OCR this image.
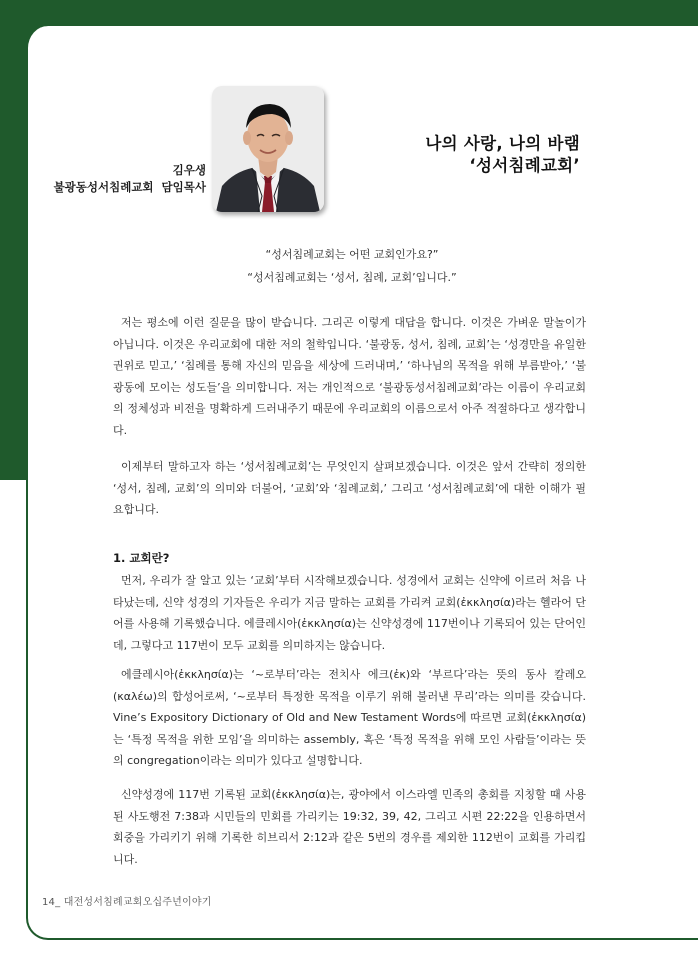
김우생
불광동성서침례교회  담임목사
나의 사랑, 나의 바램
‘성서침례교회’
“성서침례교회는 어떤 교회인가요?”
“성서침례교회는 ‘성서, 침례, 교회’입니다.”
저는 평소에 이런 질문을 많이 받습니다. 그리곤 이렇게 대답을 합니다. 이것은 가벼운 말놀이가 아닙니다. 이것은 우리교회에 대한 저의 철학입니다. ‘불광동, 성서, 침례, 교회’는 ‘성경만을 유일한 권위로 믿고,’ ‘침례를 통해 자신의 믿음을 세상에 드러내며,’ ‘하나님의 목적을 위해 부름받아,’ ‘불광동에 모이는 성도들’을 의미합니다. 저는 개인적으로 ‘불광동성서침례교회’라는 이름이 우리교회의 정체성과 비전을 명확하게 드러내주기 때문에 우리교회의 이름으로서 아주 적절하다고 생각합니다.
이제부터 말하고자 하는 ‘성서침례교회’는 무엇인지 살펴보겠습니다. 이것은 앞서 간략히 정의한 ‘성서, 침례, 교회’의 의미와 더불어, ‘교회’와 ‘침례교회,’ 그리고 ‘성서침례교회’에 대한 이해가 필요합니다.
1. 교회란?
먼저, 우리가 잘 알고 있는 ‘교회’부터 시작해보겠습니다. 성경에서 교회는 신약에 이르러 처음 나타났는데, 신약 성경의 기자들은 우리가 지금 말하는 교회를 가리켜 교회(ἐκκλησία)라는 헬라어 단어를 사용해 기록했습니다. 에클레시아(ἐκκλησία)는 신약성경에 117번이나 기록되어 있는 단어인데, 그렇다고 117번이 모두 교회를 의미하지는 않습니다.
에클레시아(ἐκκλησία)는 ‘~로부터’라는 전치사 에크(ἐκ)와 ‘부르다’라는 뜻의 동사 칼레오(καλέω)의 합성어로써, ‘~로부터 특정한 목적을 이루기 위해 불러낸 무리’라는 의미를 갖습니다. Vine’s Expository Dictionary of Old and New Testament Words에 따르면 교회(ἐκκλησία)는 ‘특정 목적을 위한 모임’을 의미하는 assembly, 혹은 ‘특정 목적을 위해 모인 사람들’이라는 뜻의 congregation이라는 의미가 있다고 설명합니다.
신약성경에 117번 기록된 교회(ἐκκλησία)는, 광야에서 이스라엘 민족의 총회를 지칭할 때 사용된 사도행전 7:38과 시민들의 민회를 가리키는 19:32, 39, 42, 그리고 시편 22:22을 인용하면서 회중을 가리키기 위해 기록한 히브리서 2:12과 같은 5번의 경우를 제외한 112번이 교회를 가리킵니다.
14_ 대전성서침례교회오십주년이야기
